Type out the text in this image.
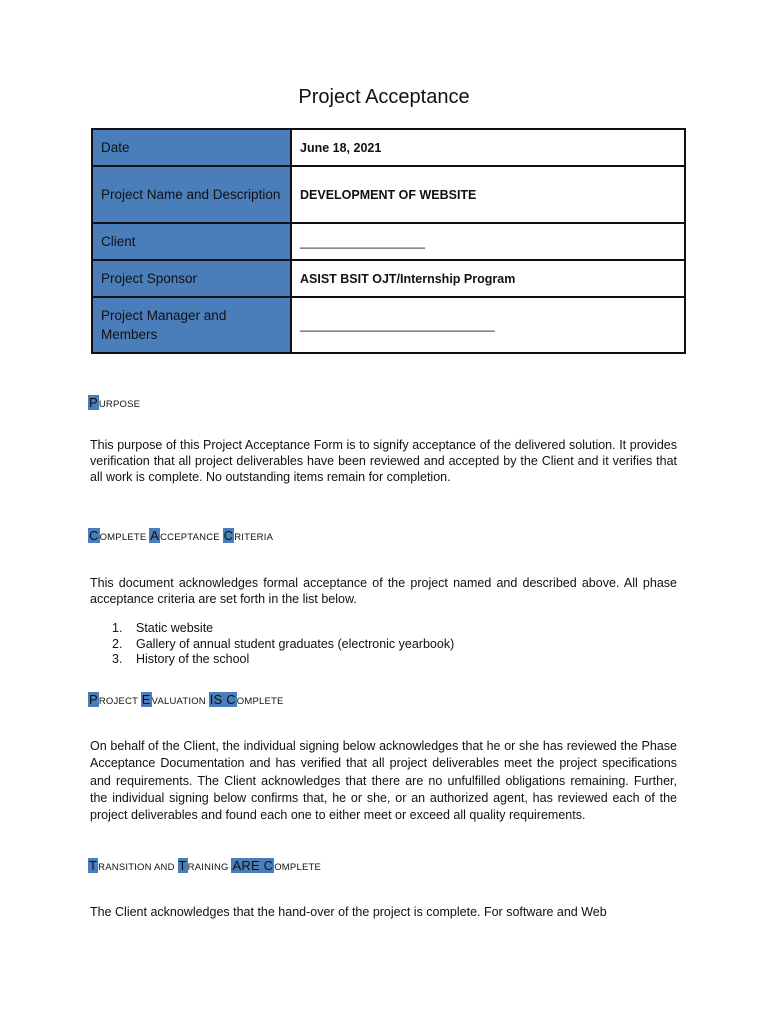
Project Acceptance
Date	June 18, 2021
Project Name and Description	DEVELOPMENT OF WEBSITE
Client	__________________
Project Sponsor	ASIST BSIT OJT/Internship Program
Project Manager and Members	____________________________
PURPOSE
This purpose of this Project Acceptance Form is to signify acceptance of the delivered solution. It provides verification that all project deliverables have been reviewed and accepted by the Client and it verifies that all work is complete. No outstanding items remain for completion.
COMPLETE ACCEPTANCE CRITERIA
This document acknowledges formal acceptance of the project named and described above. All phase acceptance criteria are set forth in the list below.
1. Static website
2. Gallery of annual student graduates (electronic yearbook)
3. History of the school
PROJECT EVALUATION IS COMPLETE
On behalf of the Client, the individual signing below acknowledges that he or she has reviewed the Phase Acceptance Documentation and has verified that all project deliverables meet the project specifications and requirements. The Client acknowledges that there are no unfulfilled obligations remaining. Further, the individual signing below confirms that, he or she, or an authorized agent, has reviewed each of the project deliverables and found each one to either meet or exceed all quality requirements.
TRANSITION AND TRAINING ARE COMPLETE
The Client acknowledges that the hand-over of the project is complete. For software and Web
